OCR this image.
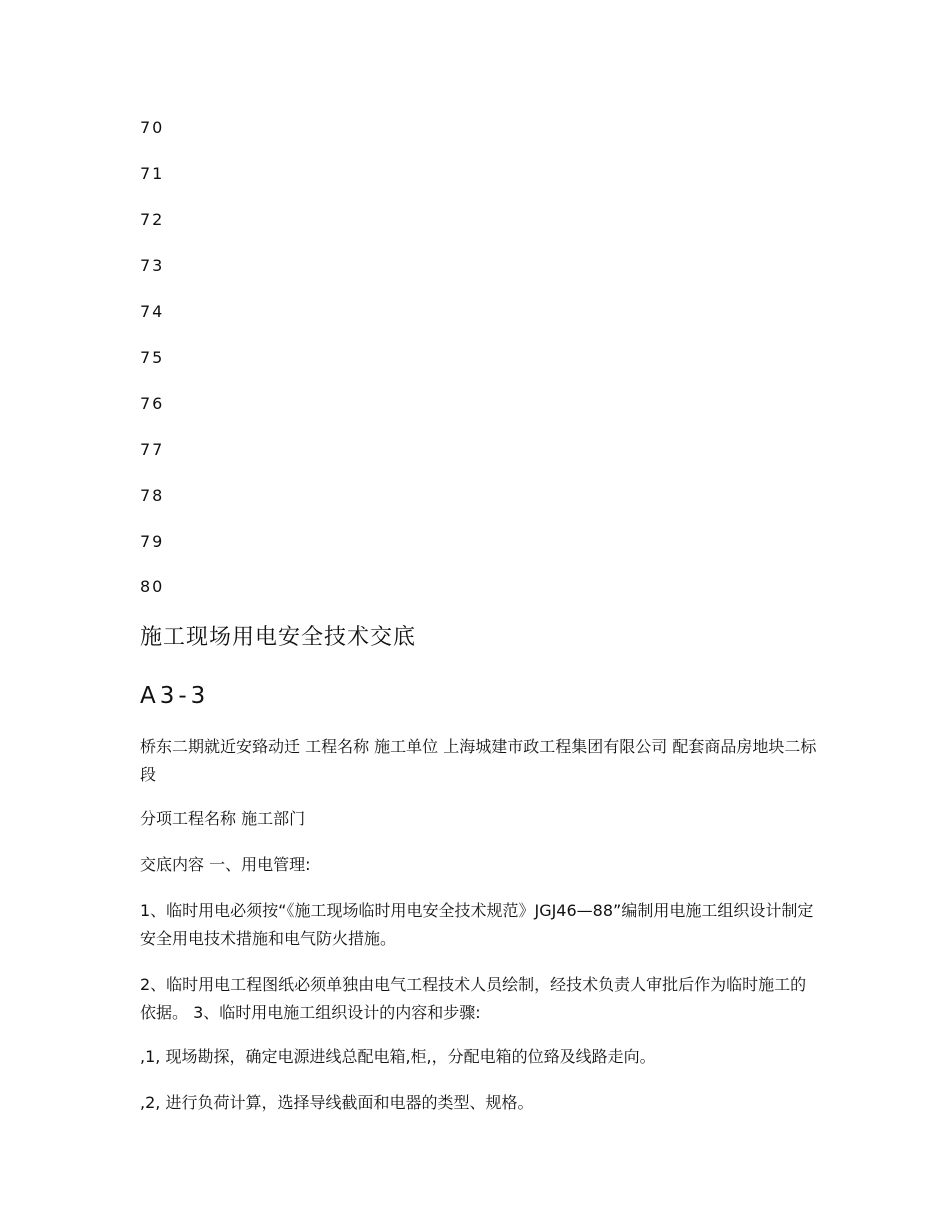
70
71
72
73
74
75
76
77
78
79
80
施工现场用电安全技术交底
A3-3
桥东二期就近安臵动迁 工程名称 施工单位 上海城建市政工程集团有限公司 配套商品房地块二标段
分项工程名称 施工部门
交底内容 一、用电管理:
1、临时用电必须按“《施工现场临时用电安全技术规范》JGJ46—88”编制用电施工组织设计制定安全用电技术措施和电气防火措施。
2、临时用电工程图纸必须单独由电气工程技术人员绘制，经技术负责人审批后作为临时施工的依据。 3、临时用电施工组织设计的内容和步骤:
,1, 现场勘探，确定电源进线总配电箱,柜,，分配电箱的位臵及线路走向。
,2, 进行负荷计算，选择导线截面和电器的类型、规格。
